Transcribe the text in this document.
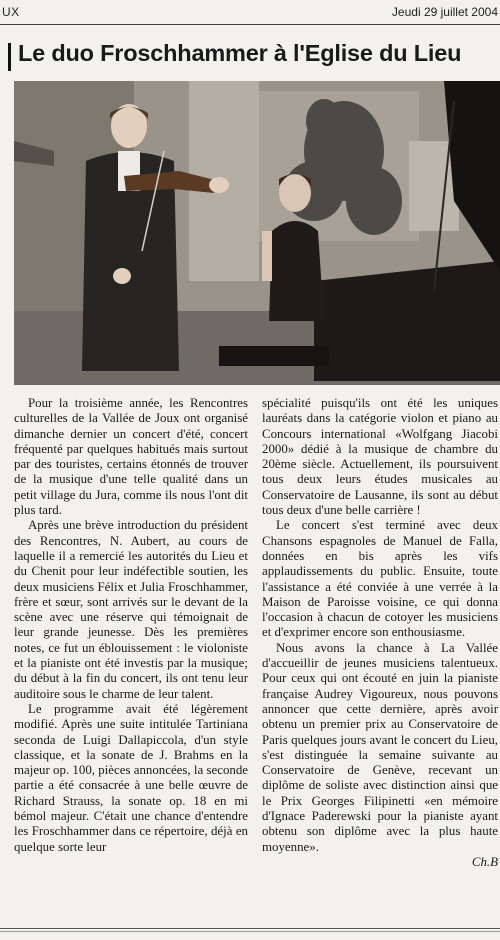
UX	Jeudi 29 juillet 2004
Le duo Froschhammer à l'Eglise du Lieu

Pour la troisième année, les Rencontres culturelles de la Vallée de Joux ont organisé dimanche dernier un concert d'été, concert fréquenté par quelques habitués mais surtout par des touristes, certains étonnés de trouver de la musique d'une telle qualité dans un petit village du Jura, comme ils nous l'ont dit plus tard.

Après une brève introduction du président des Rencontres, N. Aubert, au cours de laquelle il a remercié les autorités du Lieu et du Chenit pour leur indéfectible soutien, les deux musiciens Félix et Julia Froschhammer, frère et sœur, sont arrivés sur le devant de la scène avec une réserve qui témoignait de leur grande jeunesse. Dès les premières notes, ce fut un éblouissement : le violoniste et la pianiste ont été investis par la musique; du début à la fin du concert, ils ont tenu leur auditoire sous le charme de leur talent.

Le programme avait été légèrement modifié. Après une suite intitulée Tartiniana seconda de Luigi Dallapiccola, d'un style classique, et la sonate de J. Brahms en la majeur op. 100, pièces annoncées, la seconde partie a été consacrée à une belle œuvre de Richard Strauss, la sonate op. 18 en mi bémol majeur. C'était une chance d'entendre les Froschhammer dans ce répertoire, déjà en quelque sorte leur

spécialité puisqu'ils ont été les uniques lauréats dans la catégorie violon et piano au Concours international «Wolfgang Jiacobi 2000» dédié à la musique de chambre du 20ème siècle. Actuellement, ils poursuivent tous deux leurs études musicales au Conservatoire de Lausanne, ils sont au début tous deux d'une belle carrière !

Le concert s'est terminé avec deux Chansons espagnoles de Manuel de Falla, données en bis après les vifs applaudissements du public. Ensuite, toute l'assistance a été conviée à une verrée à la Maison de Paroisse voisine, ce qui donna l'occasion à chacun de cotoyer les musiciens et d'exprimer encore son enthousiasme.

Nous avons la chance à La Vallée d'accueillir de jeunes musiciens talentueux. Pour ceux qui ont écouté en juin la pianiste française Audrey Vigoureux, nous pouvons annoncer que cette dernière, après avoir obtenu un premier prix au Conservatoire de Paris quelques jours avant le concert du Lieu, s'est distinguée la semaine suivante au Conservatoire de Genève, recevant un diplôme de soliste avec distinction ainsi que le Prix Georges Filipinetti «en mémoire d'Ignace Paderewski pour la pianiste ayant obtenu son diplôme avec la plus haute moyenne».

Ch.B
